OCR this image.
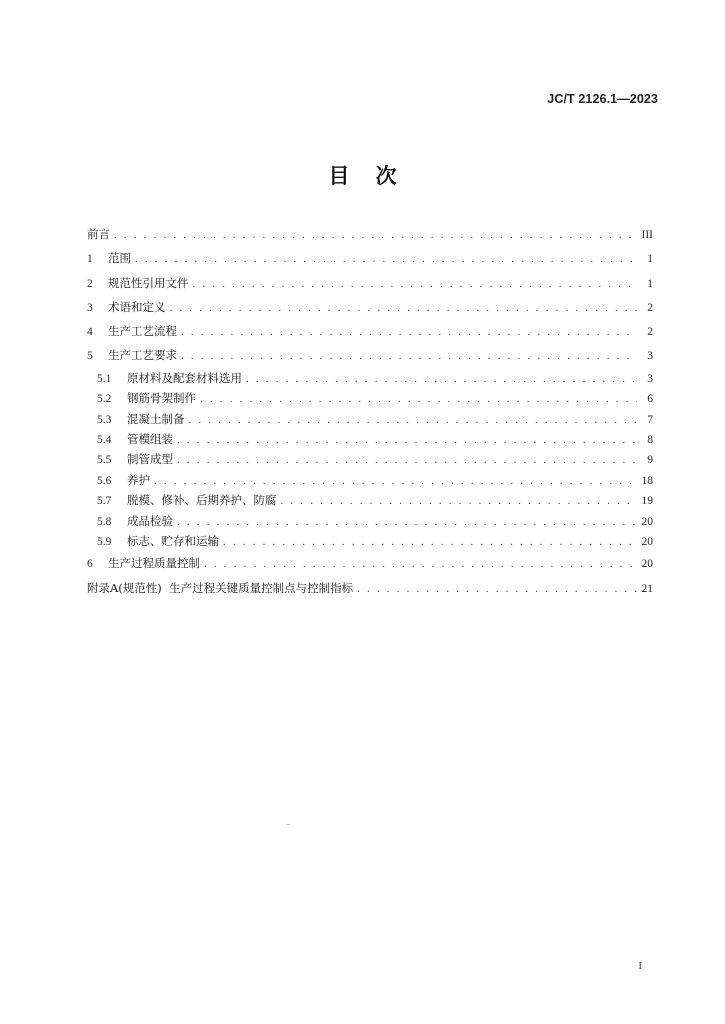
JC/T 2126.1—2023
目次
前言 . . .	III
1	范围 . . .	1
2	规范性引用文件 . . .	1
3	术语和定义 . . .	2
4	生产工艺流程 . . .	2
5	生产工艺要求 . . .	3
5.1	原材料及配套材料选用 . . .	3
5.2	钢筋骨架制作 . . .	6
5.3	混凝土制备 . . .	7
5.4	管模组装 . . .	8
5.5	制管成型 . . .	9
5.6	养护 . . .	18
5.7	脱模、修补、后期养护、防腐 . . .	19
5.8	成品检验 . . .	20
5.9	标志、贮存和运输 . . .	20
6	生产过程质量控制 . . .	20
附录A(规范性)  生产过程关键质量控制点与控制指标 . . .	21
I
